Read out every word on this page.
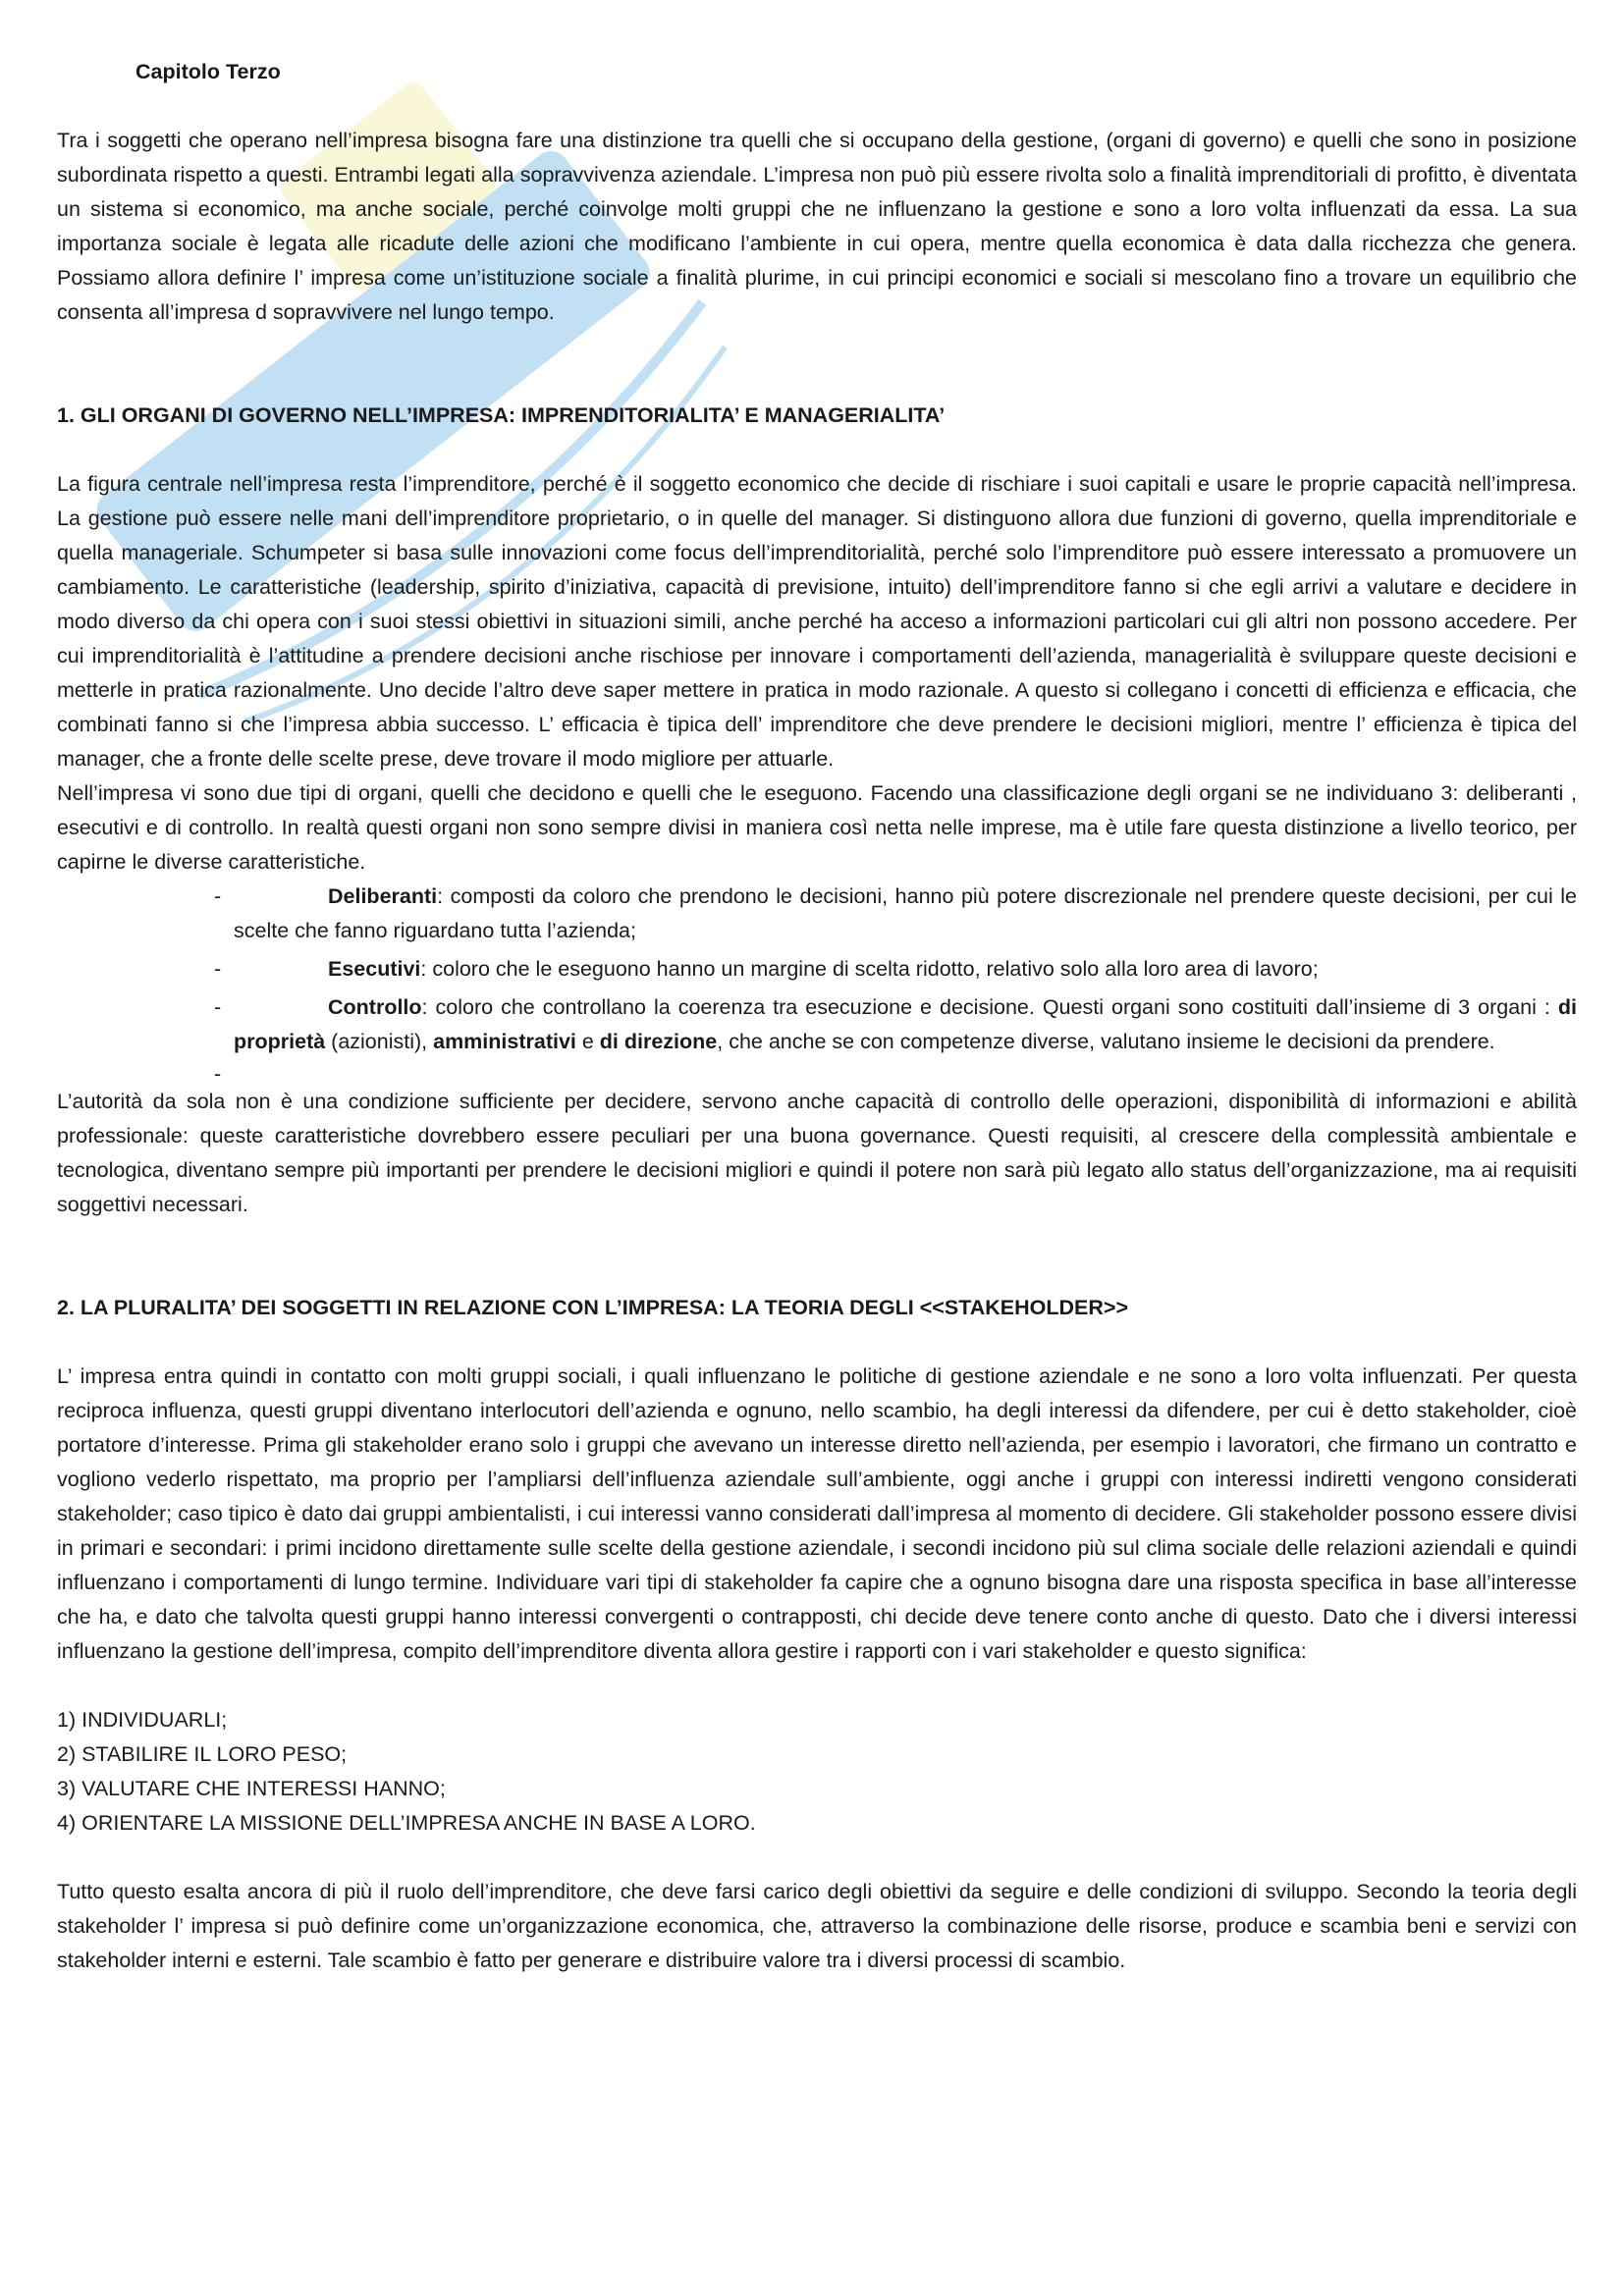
Capitolo Terzo

Tra i soggetti che operano nell’impresa bisogna fare una distinzione tra quelli che si occupano della gestione, (organi di governo) e quelli che sono in posizione subordinata rispetto a questi. Entrambi legati alla sopravvivenza aziendale. L’impresa non può più essere rivolta solo a finalità imprenditoriali di profitto, è diventata un sistema si economico, ma anche sociale, perché coinvolge molti gruppi che ne influenzano la gestione e sono a loro volta influenzati da essa. La sua importanza sociale è legata alle ricadute delle azioni che modificano l’ambiente in cui opera, mentre quella economica è data dalla ricchezza che genera. Possiamo allora definire l’ impresa come un’istituzione sociale a finalità plurime, in cui principi economici e sociali si mescolano fino a trovare un equilibrio che consenta all’impresa d sopravvivere nel lungo tempo.

1. GLI ORGANI DI GOVERNO NELL’IMPRESA: IMPRENDITORIALITA’ E MANAGERIALITA’

La figura centrale nell’impresa resta l’imprenditore, perché è il soggetto economico che decide di rischiare i suoi capitali e usare le proprie capacità nell’impresa. La gestione può essere nelle mani dell’imprenditore proprietario, o in quelle del manager. Si distinguono allora due funzioni di governo, quella imprenditoriale e quella manageriale. Schumpeter si basa sulle innovazioni come focus dell’imprenditorialità, perché solo l’imprenditore può essere interessato a promuovere un cambiamento. Le caratteristiche (leadership, spirito d’iniziativa, capacità di previsione, intuito) dell’imprenditore fanno si che egli arrivi a valutare e decidere in modo diverso da chi opera con i suoi stessi obiettivi in situazioni simili, anche perché ha acceso a informazioni particolari cui gli altri non possono accedere. Per cui imprenditorialità è l’attitudine a prendere decisioni anche rischiose per innovare i comportamenti dell’azienda, managerialità è sviluppare queste decisioni e metterle in pratica razionalmente. Uno decide l’altro deve saper mettere in pratica in modo razionale. A questo si collegano i concetti di efficienza e efficacia, che combinati fanno si che l’impresa abbia successo. L’ efficacia è tipica dell’ imprenditore che deve prendere le decisioni migliori, mentre l’ efficienza è tipica del manager, che a fronte delle scelte prese, deve trovare il modo migliore per attuarle.

Nell’impresa vi sono due tipi di organi, quelli che decidono e quelli che le eseguono. Facendo una classificazione degli organi se ne individuano 3: deliberanti , esecutivi e di controllo. In realtà questi organi non sono sempre divisi in maniera così netta nelle imprese, ma è utile fare questa distinzione a livello teorico, per capirne le diverse caratteristiche.

-	Deliberanti: composti da coloro che prendono le decisioni, hanno più potere discrezionale nel prendere queste decisioni, per cui le scelte che fanno riguardano tutta l’azienda;
-	Esecutivi: coloro che le eseguono hanno un margine di scelta ridotto, relativo solo alla loro area di lavoro;
-	Controllo: coloro che controllano la coerenza tra esecuzione e decisione. Questi organi sono costituiti dall’insieme di 3 organi : di proprietà (azionisti), amministrativi e di direzione, che anche se con competenze diverse, valutano insieme le decisioni da prendere.

-

L’autorità da sola non è una condizione sufficiente per decidere, servono anche capacità di controllo delle operazioni, disponibilità di informazioni e abilità professionale: queste caratteristiche dovrebbero essere peculiari per una buona governance. Questi requisiti, al crescere della complessità ambientale e tecnologica, diventano sempre più importanti per prendere le decisioni migliori e quindi il potere non sarà più legato allo status dell’organizzazione, ma ai requisiti soggettivi necessari.

2. LA PLURALITA’ DEI SOGGETTI IN RELAZIONE CON L’IMPRESA: LA TEORIA DEGLI <<STAKEHOLDER>>

L’ impresa entra quindi in contatto con molti gruppi sociali, i quali influenzano le politiche di gestione aziendale e ne sono a loro volta influenzati. Per questa reciproca influenza, questi gruppi diventano interlocutori dell’azienda e ognuno, nello scambio, ha degli interessi da difendere, per cui è detto stakeholder, cioè portatore d’interesse. Prima gli stakeholder erano solo i gruppi che avevano un interesse diretto nell’azienda, per esempio i lavoratori, che firmano un contratto e vogliono vederlo rispettato, ma proprio per l’ampliarsi dell’influenza aziendale sull’ambiente, oggi anche i gruppi con interessi indiretti vengono considerati stakeholder; caso tipico è dato dai gruppi ambientalisti, i cui interessi vanno considerati dall’impresa al momento di decidere. Gli stakeholder possono essere divisi in primari e secondari: i primi incidono direttamente sulle scelte della gestione aziendale, i secondi incidono più sul clima sociale delle relazioni aziendali e quindi influenzano i comportamenti di lungo termine. Individuare vari tipi di stakeholder fa capire che a ognuno bisogna dare una risposta specifica in base all’interesse che ha, e dato che talvolta questi gruppi hanno interessi convergenti o contrapposti, chi decide deve tenere conto anche di questo. Dato che i diversi interessi influenzano la gestione dell’impresa, compito dell’imprenditore diventa allora gestire i rapporti con i vari stakeholder e questo significa:

1) INDIVIDUARLI;

2) STABILIRE IL LORO PESO;

3) VALUTARE CHE INTERESSI HANNO;

4) ORIENTARE LA MISSIONE DELL’IMPRESA ANCHE IN BASE A LORO.

Tutto questo esalta ancora di più il ruolo dell’imprenditore, che deve farsi carico degli obiettivi da seguire e delle condizioni di sviluppo. Secondo la teoria degli stakeholder l’ impresa si può definire come un’organizzazione economica, che, attraverso la combinazione delle risorse, produce e scambia beni e servizi con stakeholder interni e esterni. Tale scambio è fatto per generare e distribuire valore tra i diversi processi di scambio.
